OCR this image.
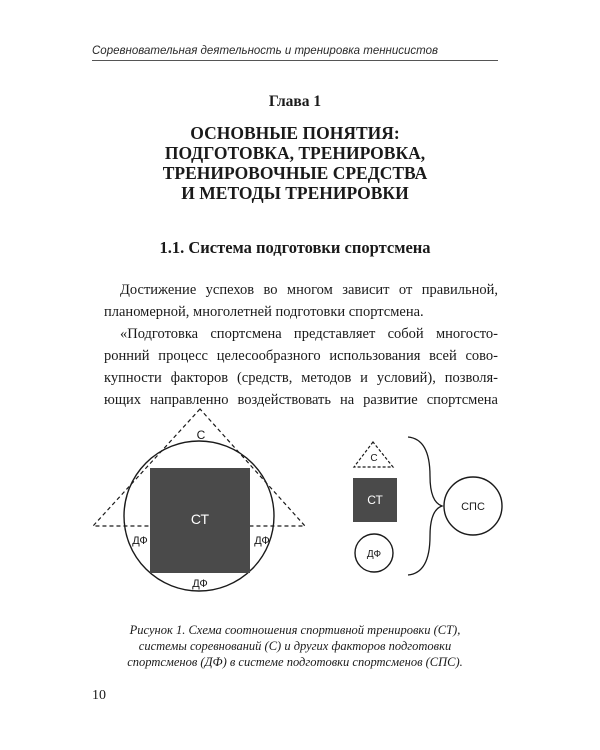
Соревновательная деятельность и тренировка теннисистов
Глава 1
ОСНОВНЫЕ ПОНЯТИЯ:
ПОДГОТОВКА, ТРЕНИРОВКА,
ТРЕНИРОВОЧНЫЕ СРЕДСТВА
И МЕТОДЫ ТРЕНИРОВКИ
1.1. Система подготовки спортсмена
Достижение успехов во многом зависит от правильной,
планомерной, многолетней подготовки спортсмена.
«Подготовка спортсмена представляет собой многосто-
ронний процесс целесообразного использования всей сово-
купности факторов (средств, методов и условий), позволя-
ющих направленно воздействовать на развитие спортсмена
С
СТ
ДФ	ДФ
ДФ
С
СТ
ДФ
СПС
Рисунок 1. Схема соотношения спортивной тренировки (СТ),
системы соревнований (С) и других факторов подготовки
спортсменов (ДФ) в системе подготовки спортсменов (СПС).
10
